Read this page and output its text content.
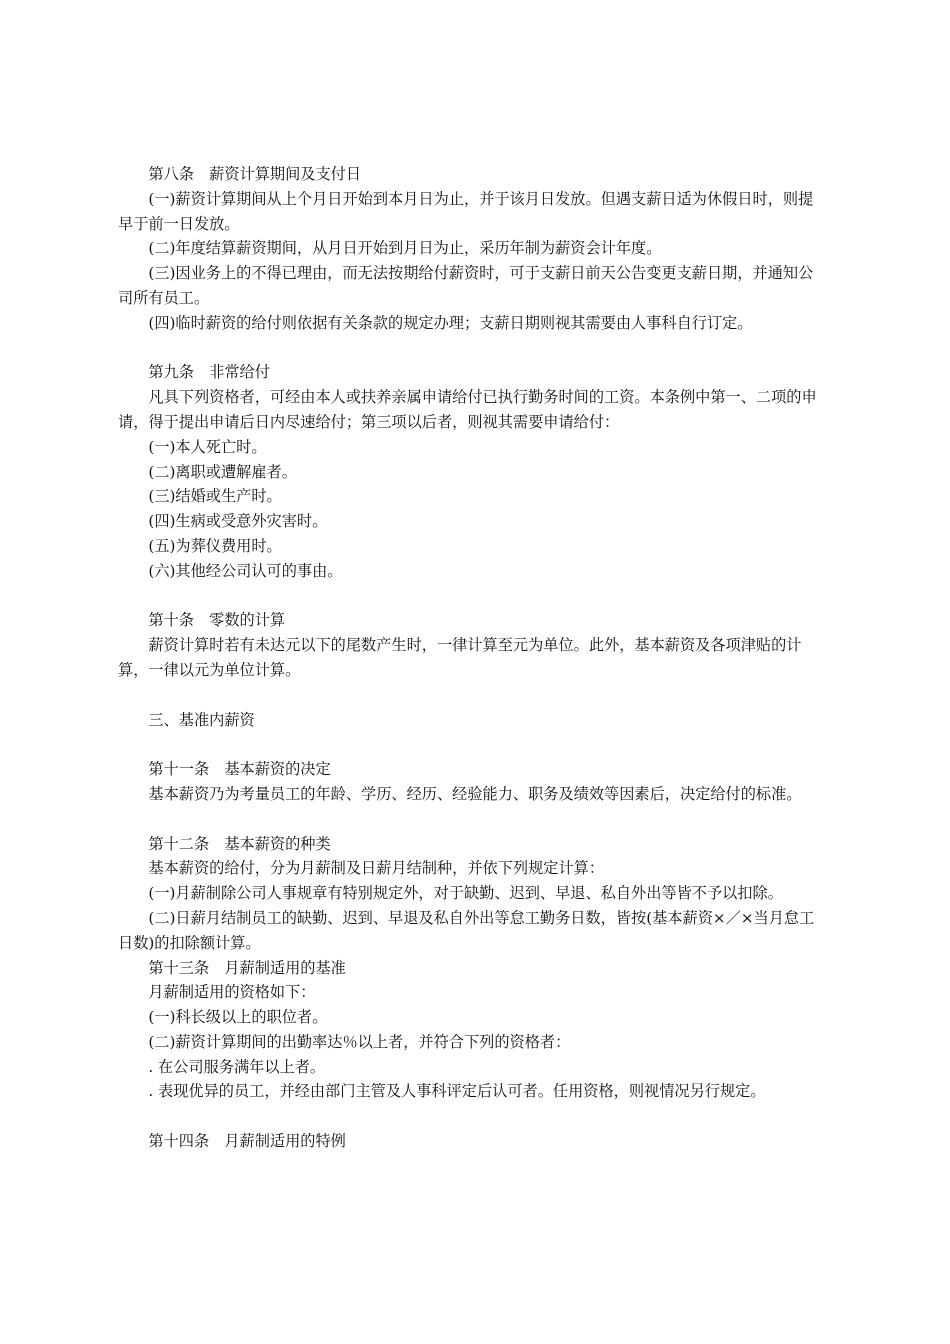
第八条　薪资计算期间及支付日

(一)薪资计算期间从上个月日开始到本月日为止，并于该月日发放。但遇支薪日适为休假日时，则提早于前一日发放。

(二)年度结算薪资期间，从月日开始到月日为止，采历年制为薪资会计年度。

(三)因业务上的不得已理由，而无法按期给付薪资时，可于支薪日前天公告变更支薪日期，并通知公司所有员工。

(四)临时薪资的给付则依据有关条款的规定办理；支薪日期则视其需要由人事科自行订定。

第九条　非常给付

凡具下列资格者，可经由本人或扶养亲属申请给付已执行勤务时间的工资。本条例中第一、二项的申请，得于提出申请后日内尽速给付；第三项以后者，则视其需要申请给付：

(一)本人死亡时。

(二)离职或遭解雇者。

(三)结婚或生产时。

(四)生病或受意外灾害时。

(五)为葬仪费用时。

(六)其他经公司认可的事由。

第十条　零数的计算

薪资计算时若有未达元以下的尾数产生时，一律计算至元为单位。此外，基本薪资及各项津贴的计算，一律以元为单位计算。

三、基准内薪资

第十一条　基本薪资的决定

基本薪资乃为考量员工的年龄、学历、经历、经验能力、职务及绩效等因素后，决定给付的标准。

第十二条　基本薪资的种类

基本薪资的给付，分为月薪制及日薪月结制种，并依下列规定计算：

(一)月薪制除公司人事规章有特别规定外，对于缺勤、迟到、早退、私自外出等皆不予以扣除。

(二)日薪月结制员工的缺勤、迟到、早退及私自外出等怠工勤务日数，皆按(基本薪资×／×当月怠工日数)的扣除额计算。

第十三条　月薪制适用的基准

月薪制适用的资格如下：

(一)科长级以上的职位者。

(二)薪资计算期间的出勤率达％以上者，并符合下列的资格者：

. 在公司服务满年以上者。

. 表现优异的员工，并经由部门主管及人事科评定后认可者。任用资格，则视情况另行规定。

第十四条　月薪制适用的特例
